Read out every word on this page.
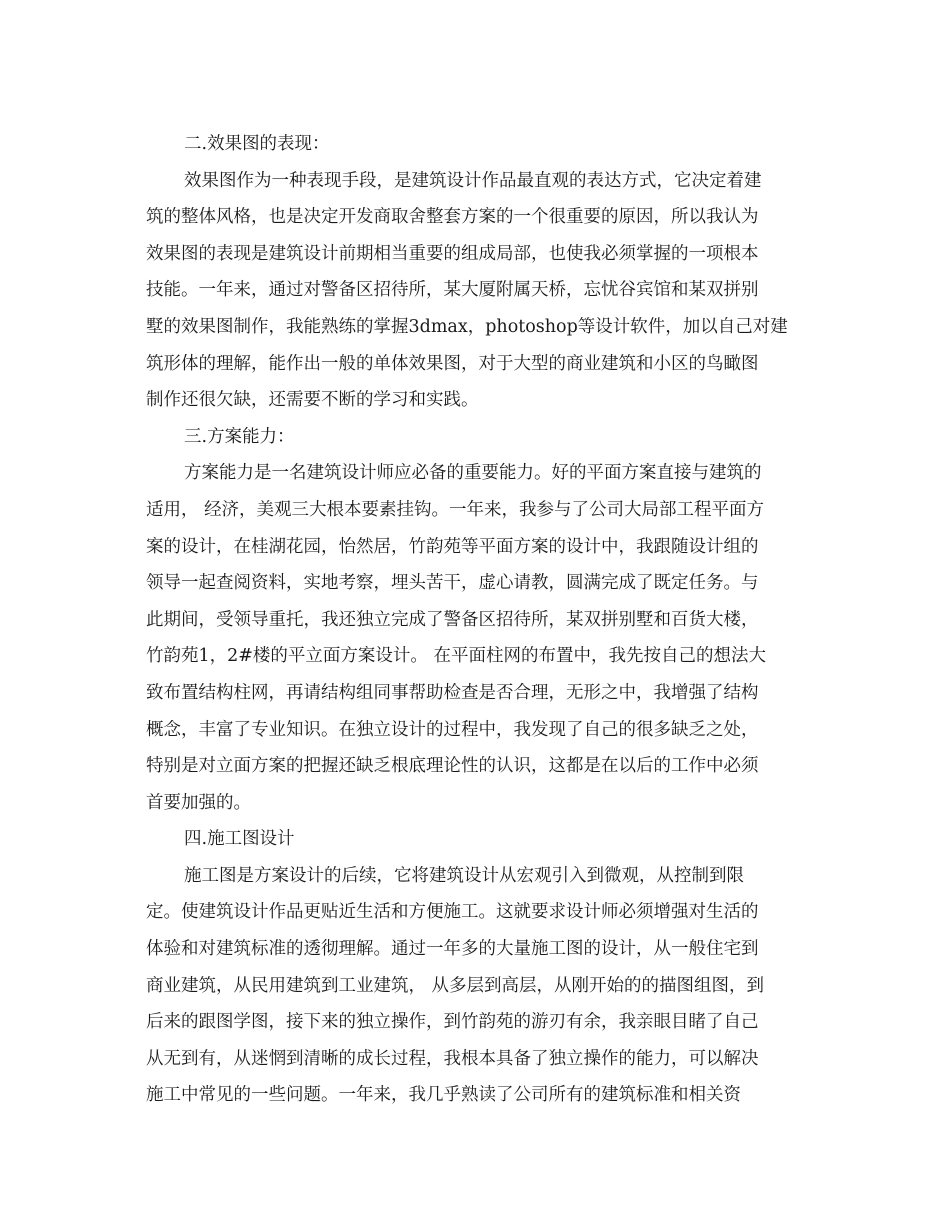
二.效果图的表现：

效果图作为一种表现手段，是建筑设计作品最直观的表达方式，它决定着建
筑的整体风格，也是决定开发商取舍整套方案的一个很重要的原因，所以我认为
效果图的表现是建筑设计前期相当重要的组成局部，也使我必须掌握的一项根本
技能。一年来，通过对警备区招待所，某大厦附属天桥，忘忧谷宾馆和某双拼别
墅的效果图制作，我能熟练的掌握3dmax，photoshop等设计软件，加以自己对建
筑形体的理解，能作出一般的单体效果图，对于大型的商业建筑和小区的鸟瞰图
制作还很欠缺，还需要不断的学习和实践。

三.方案能力：

方案能力是一名建筑设计师应必备的重要能力。好的平面方案直接与建筑的
适用， 经济，美观三大根本要素挂钩。一年来，我参与了公司大局部工程平面方
案的设计，在桂湖花园，怡然居，竹韵苑等平面方案的设计中，我跟随设计组的
领导一起查阅资料，实地考察，埋头苦干，虚心请教，圆满完成了既定任务。与
此期间，受领导重托，我还独立完成了警备区招待所，某双拼别墅和百货大楼，
竹韵苑1，2#楼的平立面方案设计。 在平面柱网的布置中，我先按自己的想法大
致布置结构柱网，再请结构组同事帮助检查是否合理，无形之中，我增强了结构
概念，丰富了专业知识。在独立设计的过程中，我发现了自己的很多缺乏之处，
特别是对立面方案的把握还缺乏根底理论性的认识，这都是在以后的工作中必须
首要加强的。

四.施工图设计

施工图是方案设计的后续，它将建筑设计从宏观引入到微观，从控制到限
定。使建筑设计作品更贴近生活和方便施工。这就要求设计师必须增强对生活的
体验和对建筑标准的透彻理解。通过一年多的大量施工图的设计，从一般住宅到
商业建筑，从民用建筑到工业建筑， 从多层到高层，从刚开始的的描图组图，到
后来的跟图学图，接下来的独立操作，到竹韵苑的游刃有余，我亲眼目睹了自己
从无到有，从迷惘到清晰的成长过程，我根本具备了独立操作的能力，可以解决
施工中常见的一些问题。一年来，我几乎熟读了公司所有的建筑标准和相关资
